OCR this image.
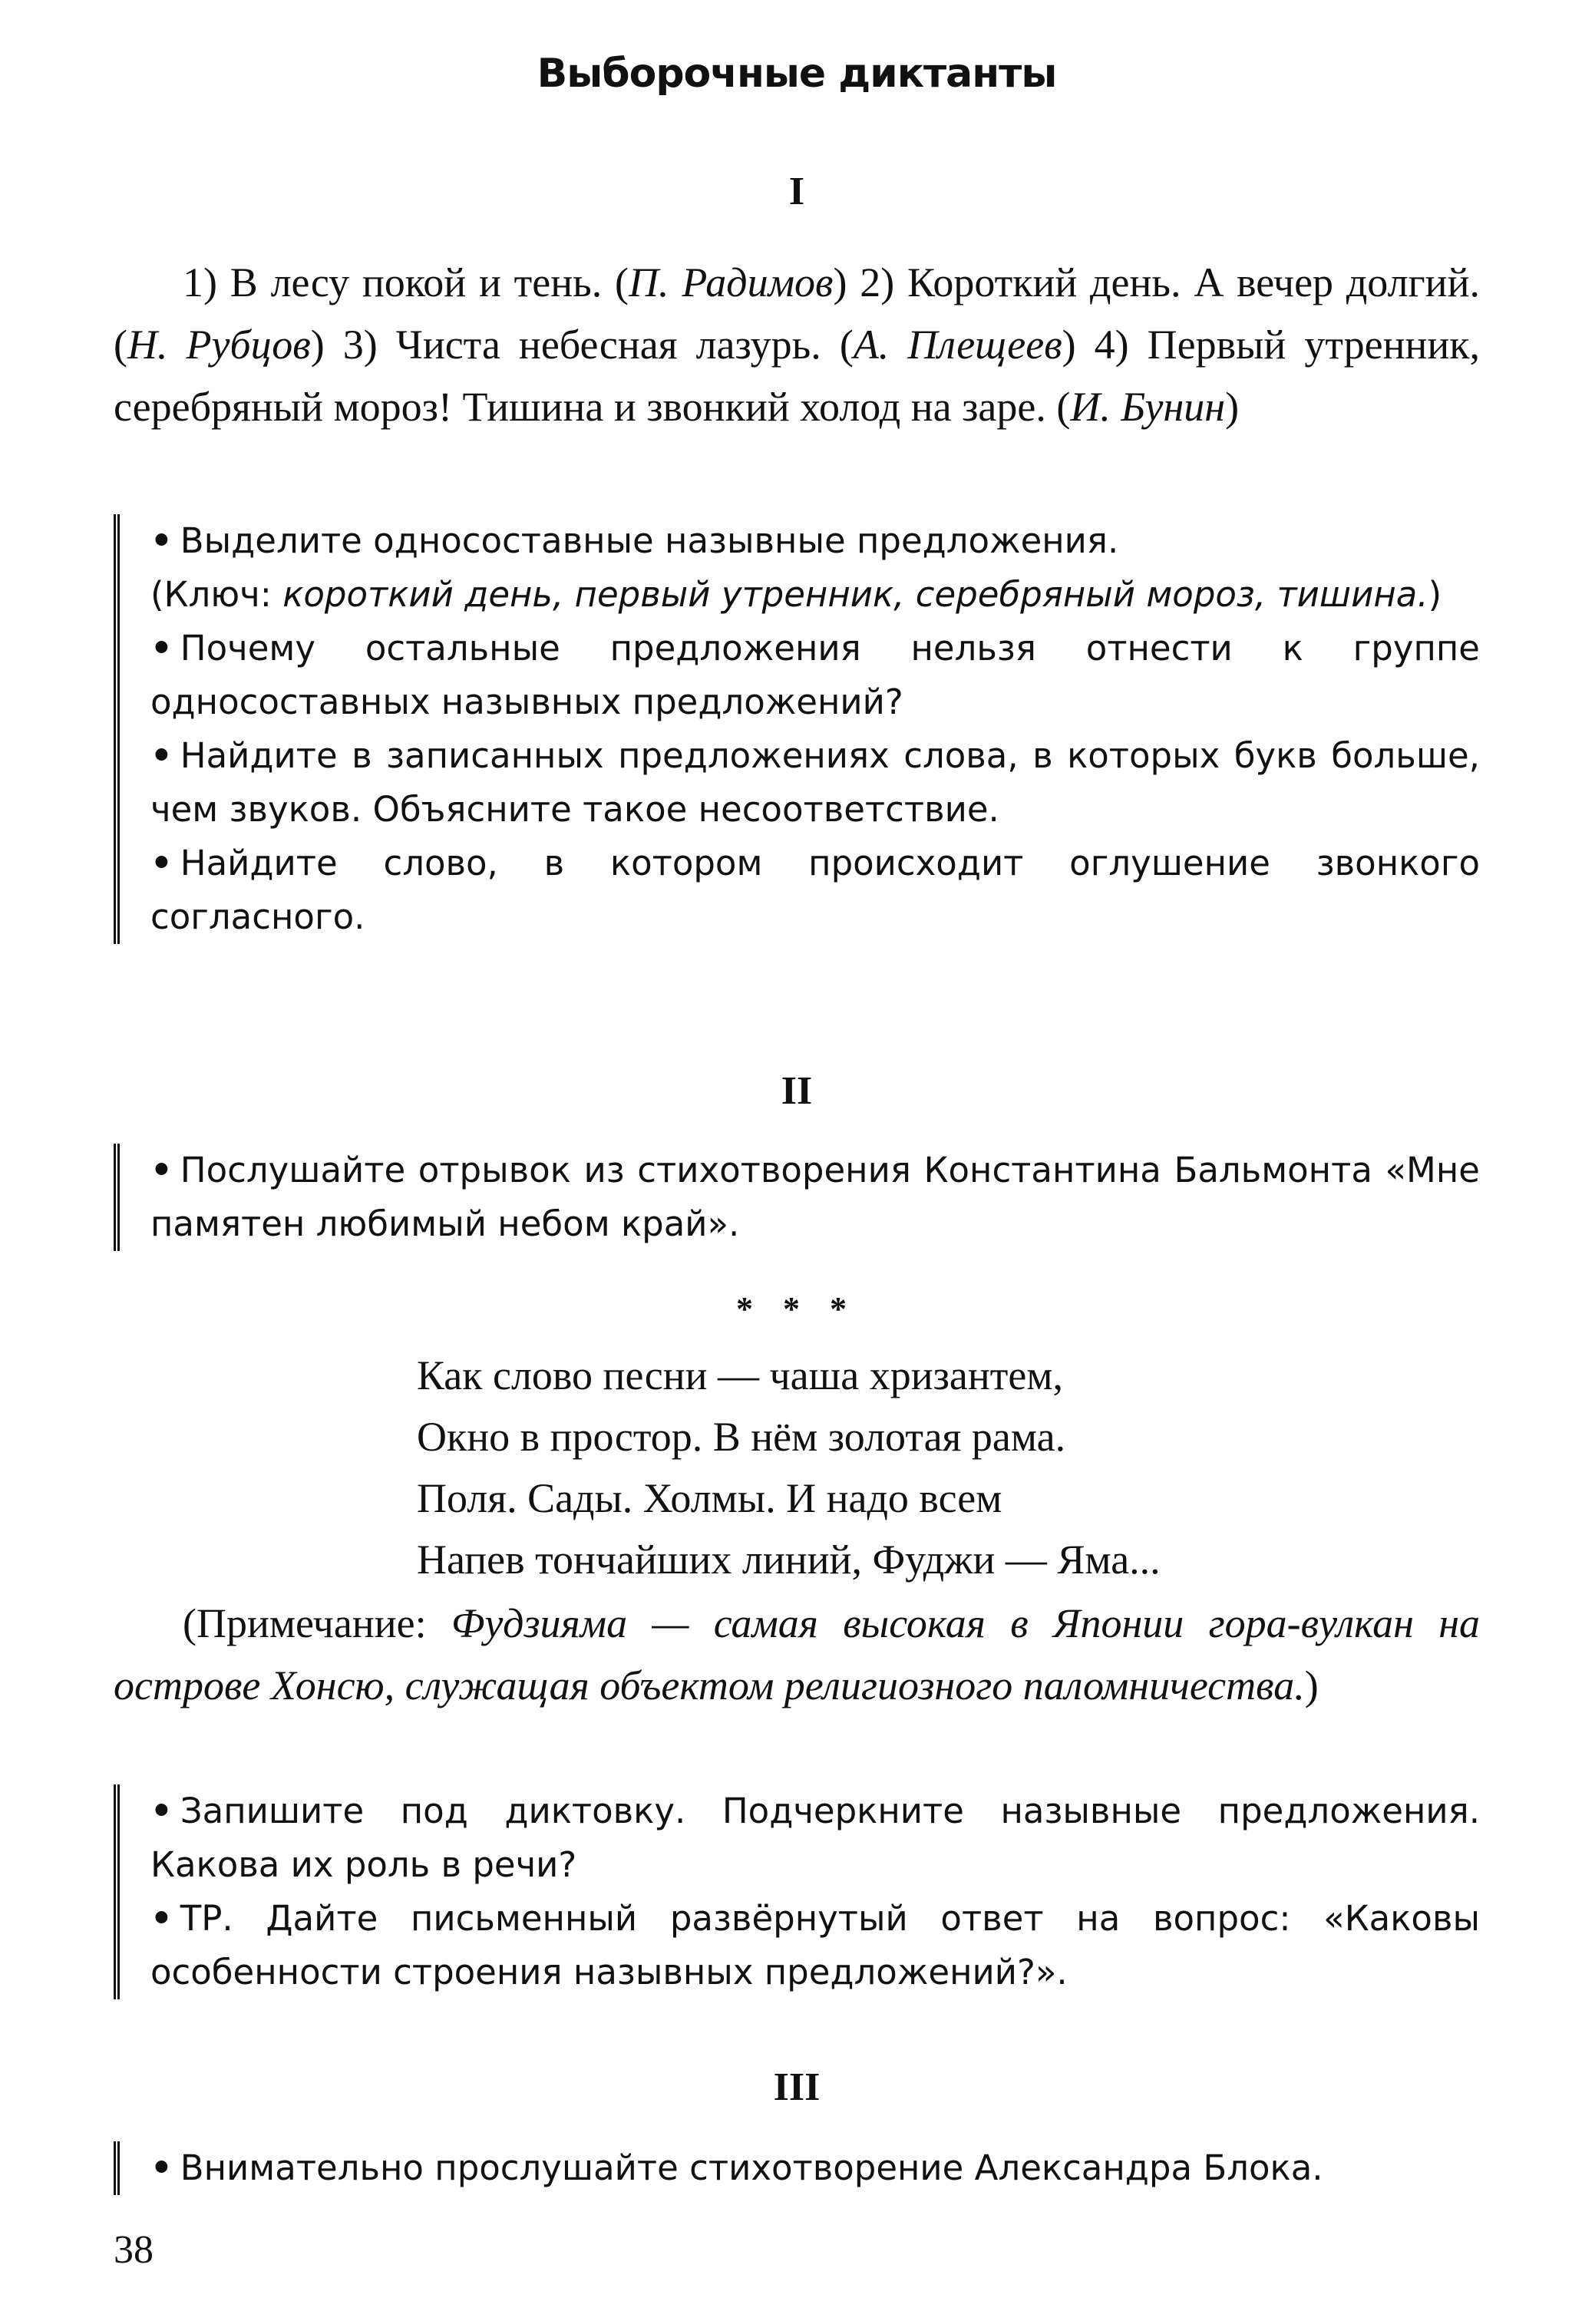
Выборочные диктанты
I
1) В лесу покой и тень. (П. Радимов) 2) Короткий день. А вечер долгий. (Н. Рубцов) 3) Чиста небесная лазурь. (А. Плещеев) 4) Первый утренник, серебряный мороз! Тишина и звонкий холод на заре. (И. Бунин)
• Выделите односоставные назывные предложения.
(Ключ: короткий день, первый утренник, серебряный мороз, тишина.)
• Почему остальные предложения нельзя отнести к группе односоставных назывных предложений?
• Найдите в записанных предложениях слова, в которых букв больше, чем звуков. Объясните такое несоответствие.
• Найдите слово, в котором происходит оглушение звонкого согласного.
II
• Послушайте отрывок из стихотворения Константина Бальмонта «Мне памятен любимый небом край».
* * *
Как слово песни — чаша хризантем,
Окно в простор. В нём золотая рама.
Поля. Сады. Холмы. И надо всем
Напев тончайших линий, Фуджи — Яма...
(Примечание: Фудзияма — самая высокая в Японии гора-вулкан на острове Хонсю, служащая объектом религиозного паломничества.)
• Запишите под диктовку. Подчеркните назывные предложения. Какова их роль в речи?
• ТР. Дайте письменный развёрнутый ответ на вопрос: «Каковы особенности строения назывных предложений?».
III
• Внимательно прослушайте стихотворение Александра Блока.
38
